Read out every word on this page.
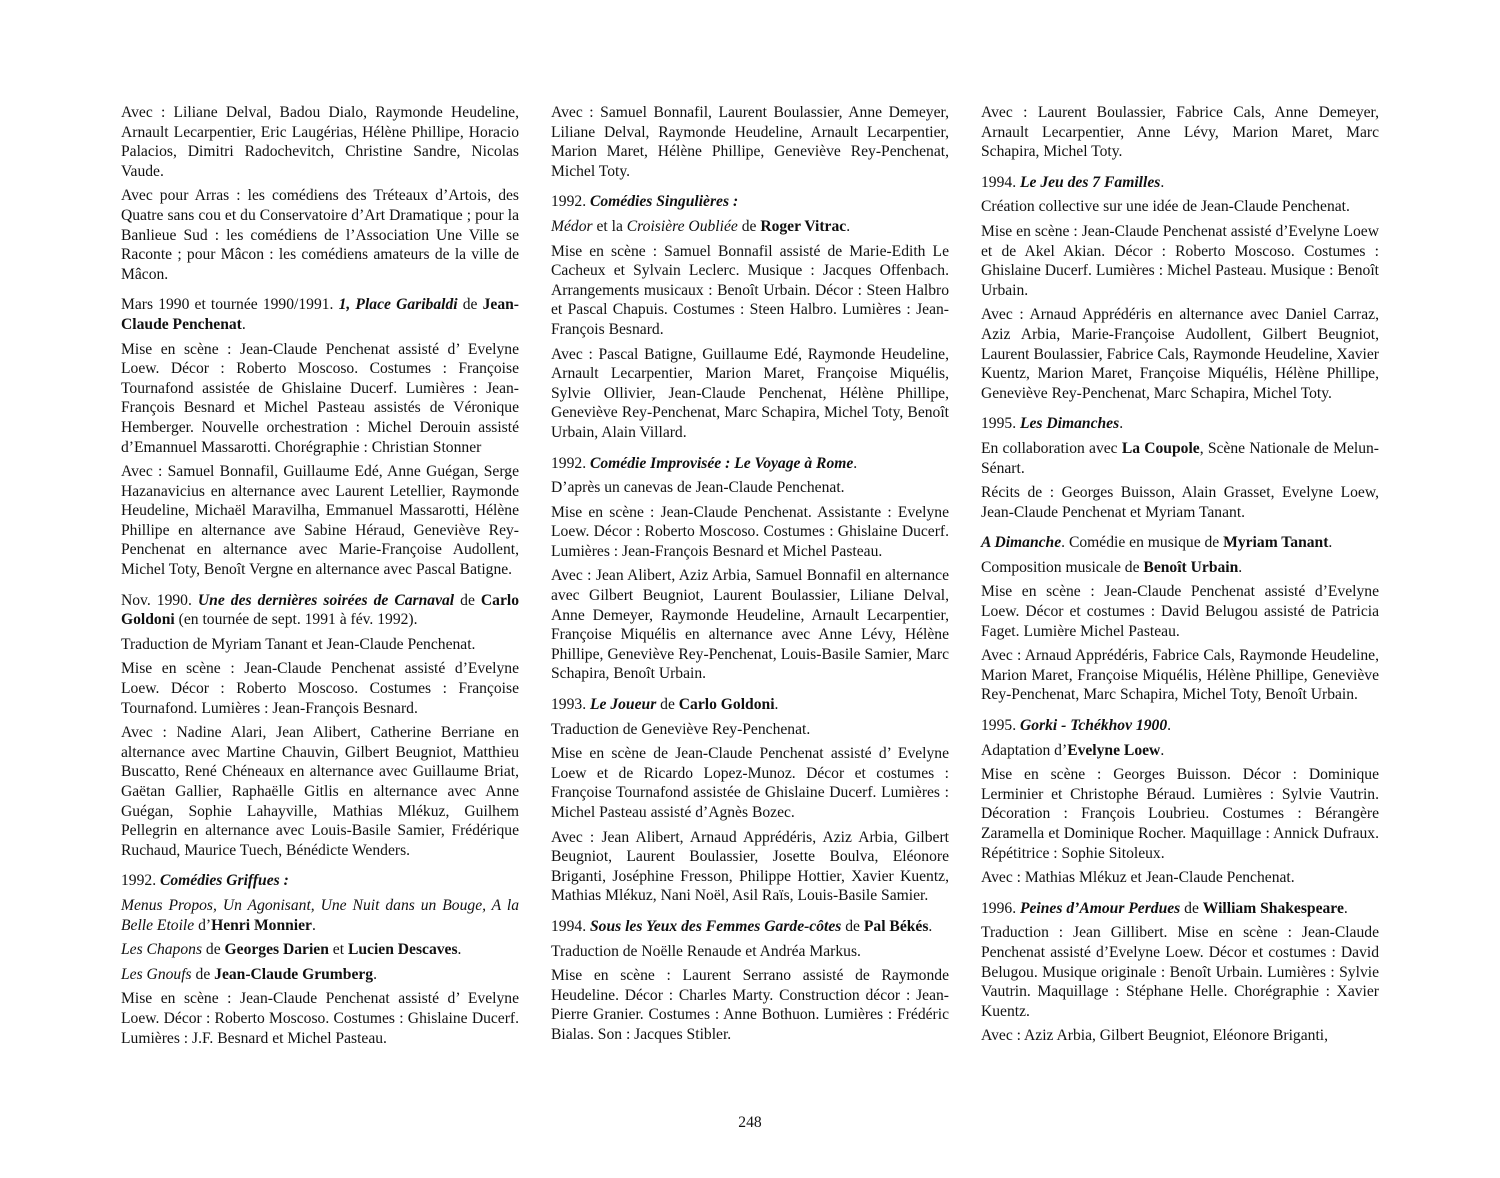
Avec : Liliane Delval, Badou Dialo, Raymonde Heudeline, Arnault Lecarpentier, Eric Laugérias, Hélène Phillipe, Horacio Palacios, Dimitri Radochevitch, Christine Sandre, Nicolas Vaude.

Avec pour Arras : les comédiens des Tréteaux d’Artois, des Quatre sans cou et du Conservatoire d’Art Dramatique ; pour la Banlieue Sud : les comédiens de l’Association Une Ville se Raconte ; pour Mâcon : les comédiens amateurs de la ville de Mâcon.

Mars 1990 et tournée 1990/1991. 1, Place Garibaldi de Jean-Claude Penchenat.

Mise en scène : Jean-Claude Penchenat assisté d’ Evelyne Loew. Décor : Roberto Moscoso. Costumes : Françoise Tournafond assistée de Ghislaine Ducerf. Lumières : Jean-François Besnard et Michel Pasteau assistés de Véronique Hemberger. Nouvelle orchestration : Michel Derouin assisté d’Emannuel Massarotti. Chorégraphie : Christian Stonner

Avec : Samuel Bonnafil, Guillaume Edé, Anne Guégan, Serge Hazanavicius en alternance avec Laurent Letellier, Raymonde Heudeline, Michaël Maravilha, Emmanuel Massarotti, Hélène Phillipe en alternance ave Sabine Héraud, Geneviève Rey-Penchenat en alternance avec Marie-Françoise Audollent, Michel Toty, Benoît Vergne en alternance avec Pascal Batigne.

Nov. 1990. Une des dernières soirées de Carnaval de Carlo Goldoni (en tournée de sept. 1991 à fév. 1992).

Traduction de Myriam Tanant et Jean-Claude Penchenat.

Mise en scène : Jean-Claude Penchenat assisté d’Evelyne Loew. Décor : Roberto Moscoso. Costumes : Françoise Tournafond. Lumières : Jean-François Besnard.

Avec : Nadine Alari, Jean Alibert, Catherine Berriane en alternance avec Martine Chauvin, Gilbert Beugniot, Matthieu Buscatto, René Chéneaux en alternance avec Guillaume Briat, Gaëtan Gallier, Raphaëlle Gitlis en alternance avec Anne Guégan, Sophie Lahayville, Mathias Mlékuz, Guilhem Pellegrin en alternance avec Louis-Basile Samier, Frédérique Ruchaud, Maurice Tuech, Bénédicte Wenders.

1992. Comédies Griffues :

Menus Propos, Un Agonisant, Une Nuit dans un Bouge, A la Belle Etoile d’Henri Monnier.

Les Chapons de Georges Darien et Lucien Descaves.

Les Gnoufs de Jean-Claude Grumberg.

Mise en scène : Jean-Claude Penchenat assisté d’ Evelyne Loew. Décor : Roberto Moscoso. Costumes : Ghislaine Ducerf. Lumières : J.F. Besnard et Michel Pasteau.

Avec : Samuel Bonnafil, Laurent Boulassier, Anne Demeyer, Liliane Delval, Raymonde Heudeline, Arnault Lecarpentier, Marion Maret, Hélène Phillipe, Geneviève Rey-Penchenat, Michel Toty.

1992. Comédies Singulières :

Médor et la Croisière Oubliée de Roger Vitrac.

Mise en scène : Samuel Bonnafil assisté de Marie-Edith Le Cacheux et Sylvain Leclerc. Musique : Jacques Offenbach. Arrangements musicaux : Benoît Urbain. Décor : Steen Halbro et Pascal Chapuis. Costumes : Steen Halbro. Lumières : Jean-François Besnard.

Avec : Pascal Batigne, Guillaume Edé, Raymonde Heudeline, Arnault Lecarpentier, Marion Maret, Françoise Miquélis, Sylvie Ollivier, Jean-Claude Penchenat, Hélène Phillipe, Geneviève Rey-Penchenat, Marc Schapira, Michel Toty, Benoît Urbain, Alain Villard.

1992. Comédie Improvisée : Le Voyage à Rome.

D’après un canevas de Jean-Claude Penchenat.

Mise en scène : Jean-Claude Penchenat. Assistante : Evelyne Loew. Décor : Roberto Moscoso. Costumes : Ghislaine Ducerf. Lumières : Jean-François Besnard et Michel Pasteau.

Avec : Jean Alibert, Aziz Arbia, Samuel Bonnafil en alternance avec Gilbert Beugniot, Laurent Boulassier, Liliane Delval, Anne Demeyer, Raymonde Heudeline, Arnault Lecarpentier, Françoise Miquélis en alternance avec Anne Lévy, Hélène Phillipe, Geneviève Rey-Penchenat, Louis-Basile Samier, Marc Schapira, Benoît Urbain.

1993. Le Joueur de Carlo Goldoni.

Traduction de Geneviève Rey-Penchenat.

Mise en scène de Jean-Claude Penchenat assisté d’ Evelyne Loew et de Ricardo Lopez-Munoz. Décor et costumes : Françoise Tournafond assistée de Ghislaine Ducerf. Lumières : Michel Pasteau assisté d’Agnès Bozec.

Avec : Jean Alibert, Arnaud Apprédéris, Aziz Arbia, Gilbert Beugniot, Laurent Boulassier, Josette Boulva, Eléonore Briganti, Joséphine Fresson, Philippe Hottier, Xavier Kuentz, Mathias Mlékuz, Nani Noël, Asil Raïs, Louis-Basile Samier.

1994. Sous les Yeux des Femmes Garde-côtes de Pal Békés.

Traduction de Noëlle Renaude et Andréa Markus.

Mise en scène : Laurent Serrano assisté de Raymonde Heudeline. Décor : Charles Marty. Construction décor : Jean-Pierre Granier. Costumes : Anne Bothuon. Lumières : Frédéric Bialas. Son : Jacques Stibler.

Avec : Laurent Boulassier, Fabrice Cals, Anne Demeyer, Arnault Lecarpentier, Anne Lévy, Marion Maret, Marc Schapira, Michel Toty.

1994. Le Jeu des 7 Familles.

Création collective sur une idée de Jean-Claude Penchenat.

Mise en scène : Jean-Claude Penchenat assisté d’Evelyne Loew et de Akel Akian. Décor : Roberto Moscoso. Costumes : Ghislaine Ducerf. Lumières : Michel Pasteau. Musique : Benoît Urbain.

Avec : Arnaud Apprédéris en alternance avec Daniel Carraz, Aziz Arbia, Marie-Françoise Audollent, Gilbert Beugniot, Laurent Boulassier, Fabrice Cals, Raymonde Heudeline, Xavier Kuentz, Marion Maret, Françoise Miquélis, Hélène Phillipe, Geneviève Rey-Penchenat, Marc Schapira, Michel Toty.

1995. Les Dimanches.

En collaboration avec La Coupole, Scène Nationale de Melun-Sénart.

Récits de : Georges Buisson, Alain Grasset, Evelyne Loew, Jean-Claude Penchenat et Myriam Tanant.

A Dimanche. Comédie en musique de Myriam Tanant.

Composition musicale de Benoît Urbain.

Mise en scène : Jean-Claude Penchenat assisté d’Evelyne Loew. Décor et costumes : David Belugou assisté de Patricia Faget. Lumière Michel Pasteau.

Avec : Arnaud Apprédéris, Fabrice Cals, Raymonde Heudeline, Marion Maret, Françoise Miquélis, Hélène Phillipe, Geneviève Rey-Penchenat, Marc Schapira, Michel Toty, Benoît Urbain.

1995. Gorki - Tchékhov 1900.

Adaptation d’Evelyne Loew.

Mise en scène : Georges Buisson. Décor : Dominique Lerminier et Christophe Béraud. Lumières : Sylvie Vautrin. Décoration : François Loubrieu. Costumes : Bérangère Zaramella et Dominique Rocher. Maquillage : Annick Dufraux. Répétitrice : Sophie Sitoleux.

Avec : Mathias Mlékuz et Jean-Claude Penchenat.

1996. Peines d’Amour Perdues de William Shakespeare.

Traduction : Jean Gillibert. Mise en scène : Jean-Claude Penchenat assisté d’Evelyne Loew. Décor et costumes : David Belugou. Musique originale : Benoît Urbain. Lumières : Sylvie Vautrin. Maquillage : Stéphane Helle. Chorégraphie : Xavier Kuentz.

Avec : Aziz Arbia, Gilbert Beugniot, Eléonore Briganti,

248
